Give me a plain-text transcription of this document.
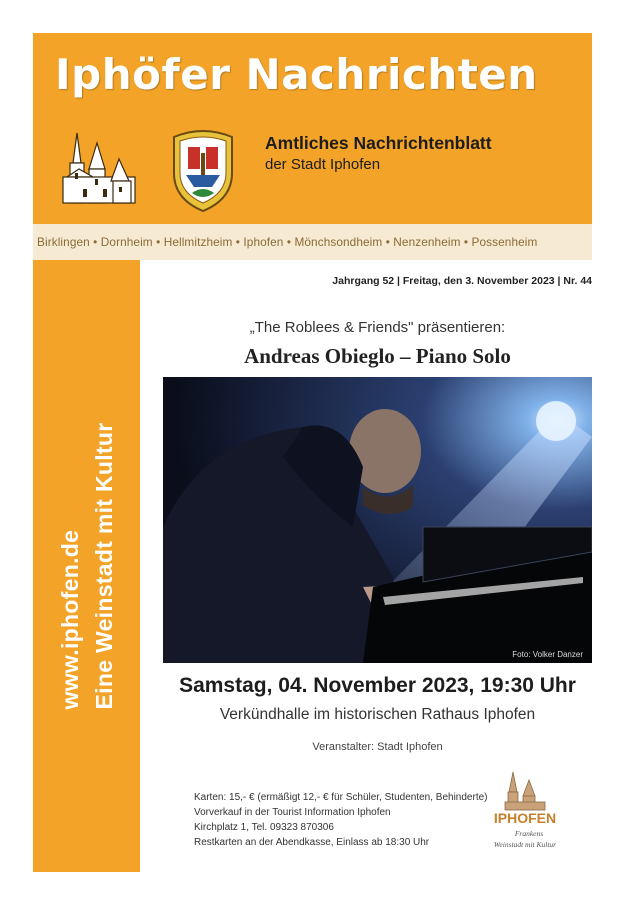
Iphöfer Nachrichten
Amtliches Nachrichtenblatt
der Stadt Iphofen
Birklingen • Dornheim • Hellmitzheim • Iphofen • Mönchsondheim • Nenzenheim • Possenheim
www.iphofen.de Eine Weinstadt mit Kultur
Jahrgang 52 | Freitag, den 3. November 2023 | Nr. 44
„The Roblees & Friends" präsentieren:
Andreas Obieglo – Piano Solo
Foto: Volker Danzer
Samstag, 04. November 2023, 19:30 Uhr
Verkündhalle im historischen Rathaus Iphofen
Veranstalter: Stadt Iphofen
Karten: 15,- € (ermäßigt 12,- € für Schüler, Studenten, Behinderte)
Vorverkauf in der Tourist Information Iphofen
Kirchplatz 1, Tel. 09323 870306
Restkarten an der Abendkasse, Einlass ab 18:30 Uhr
IPHOFEN
Frankens
Weinstadt mit Kultur
